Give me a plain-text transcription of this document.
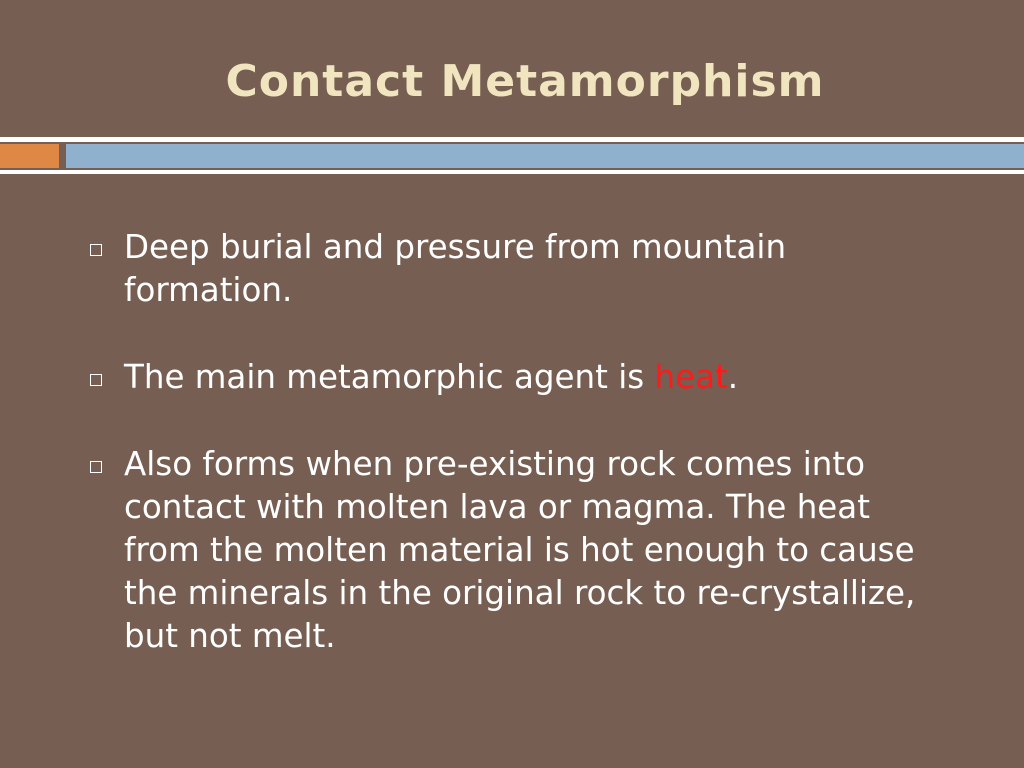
Contact Metamorphism
Deep burial and pressure from mountain formation.
The main metamorphic agent is heat.
Also forms when pre-existing rock comes into contact with molten lava or magma. The heat from the molten material is hot enough to cause the minerals in the original rock to re-crystallize, but not melt.
